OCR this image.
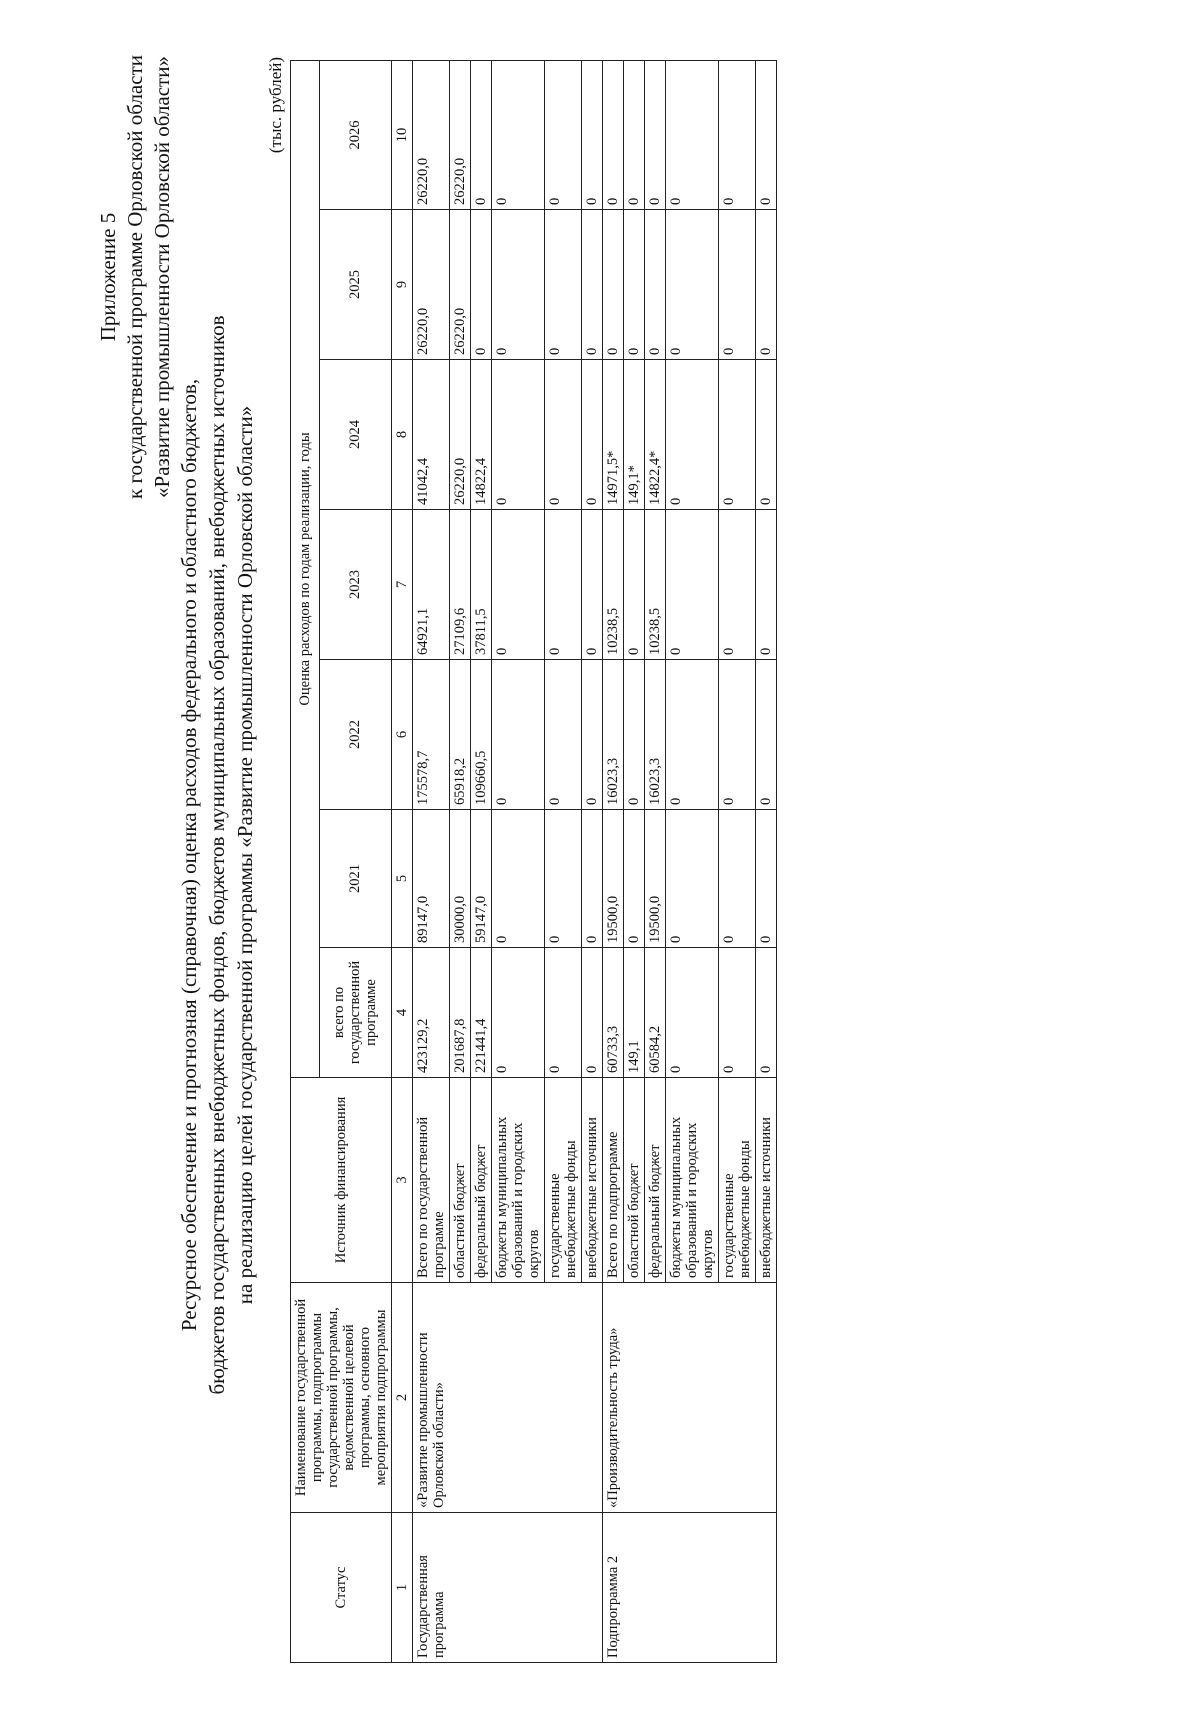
Приложение 5 к государственной программе Орловской области «Развитие промышленности Орловской области»
Ресурсное обеспечение и прогнозная (справочная) оценка расходов федерального и областного бюджетов, бюджетов государственных внебюджетных фондов, бюджетов муниципальных образований, внебюджетных источников на реализацию целей государственной программы «Развитие промышленности Орловской области»
(тыс. рублей)
Статус	Наименование государственной программы, подпрограммы государственной программы, ведомственной целевой программы, основного мероприятия подпрограммы	Источник финансирования	Оценка расходов по годам реализации, годы						
			всего по государственной программе	2021	2022	2023	2024	2025	2026
1	2	3	4	5	6	7	8	9	10
Государственная программа	«Развитие промышленности Орловской области»	Всего по государственной программе	423129,2	89147,0	175578,7	64921,1	41042,4	26220,0	26220,0
		областной бюджет	201687,8	30000,0	65918,2	27109,6	26220,0	26220,0	26220,0
		федеральный бюджет	221441,4	59147,0	109660,5	37811,5	14822,4	0	0
		бюджеты муниципальных образований и городских округов	0	0	0	0	0	0	0
		государственные внебюджетные фонды	0	0	0	0	0	0	0
		внебюджетные источники	0	0	0	0	0	0	0
Подпрограмма 2	«Производительность труда»	Всего по подпрограмме	60733,3	19500,0	16023,3	10238,5	14971,5*	0	0
		областной бюджет	149,1	0	0	0	149,1*	0	0
		федеральный бюджет	60584,2	19500,0	16023,3	10238,5	14822,4*	0	0
		бюджеты муниципальных образований и городских округов	0	0	0	0	0	0	0
		государственные внебюджетные фонды	0	0	0	0	0	0	0
		внебюджетные источники	0	0	0	0	0	0	0
